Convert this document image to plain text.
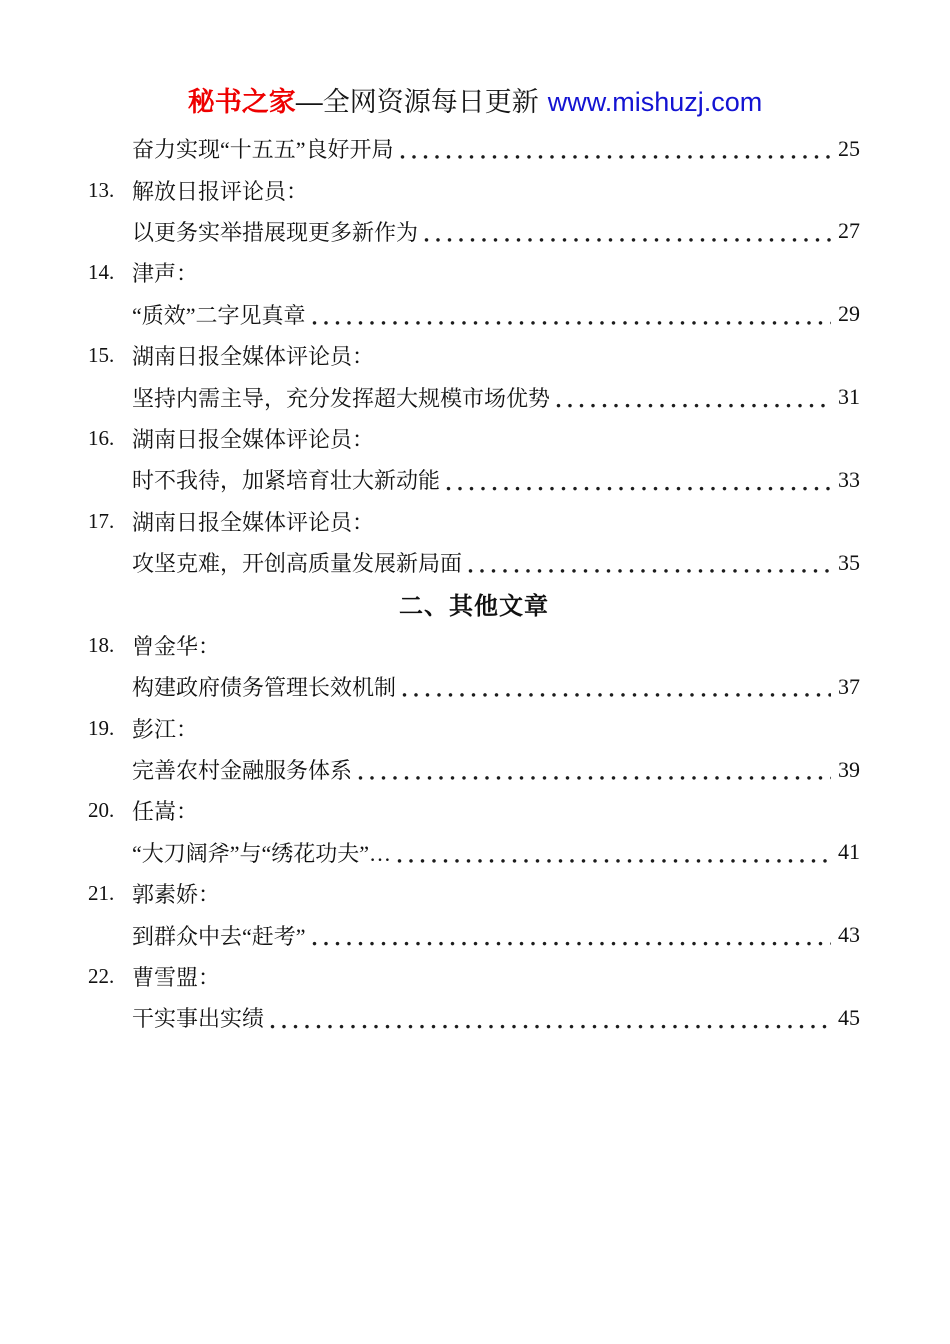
秘书之家—全网资源每日更新 www.mishuzj.com
奋力实现“十五五”良好开局	25
13. 解放日报评论员：
以更务实举措展现更多新作为	27
14. 津声：
“质效”二字见真章	29
15. 湖南日报全媒体评论员：
坚持内需主导，充分发挥超大规模市场优势	31
16. 湖南日报全媒体评论员：
时不我待，加紧培育壮大新动能	33
17. 湖南日报全媒体评论员：
攻坚克难，开创高质量发展新局面	35
二、其他文章
18. 曾金华：
构建政府债务管理长效机制	37
19. 彭江：
完善农村金融服务体系	39
20. 任嵩：
“大刀阔斧”与“绣花功夫”…	41
21. 郭素娇：
到群众中去“赶考”	43
22. 曹雪盟：
干实事出实绩	45
